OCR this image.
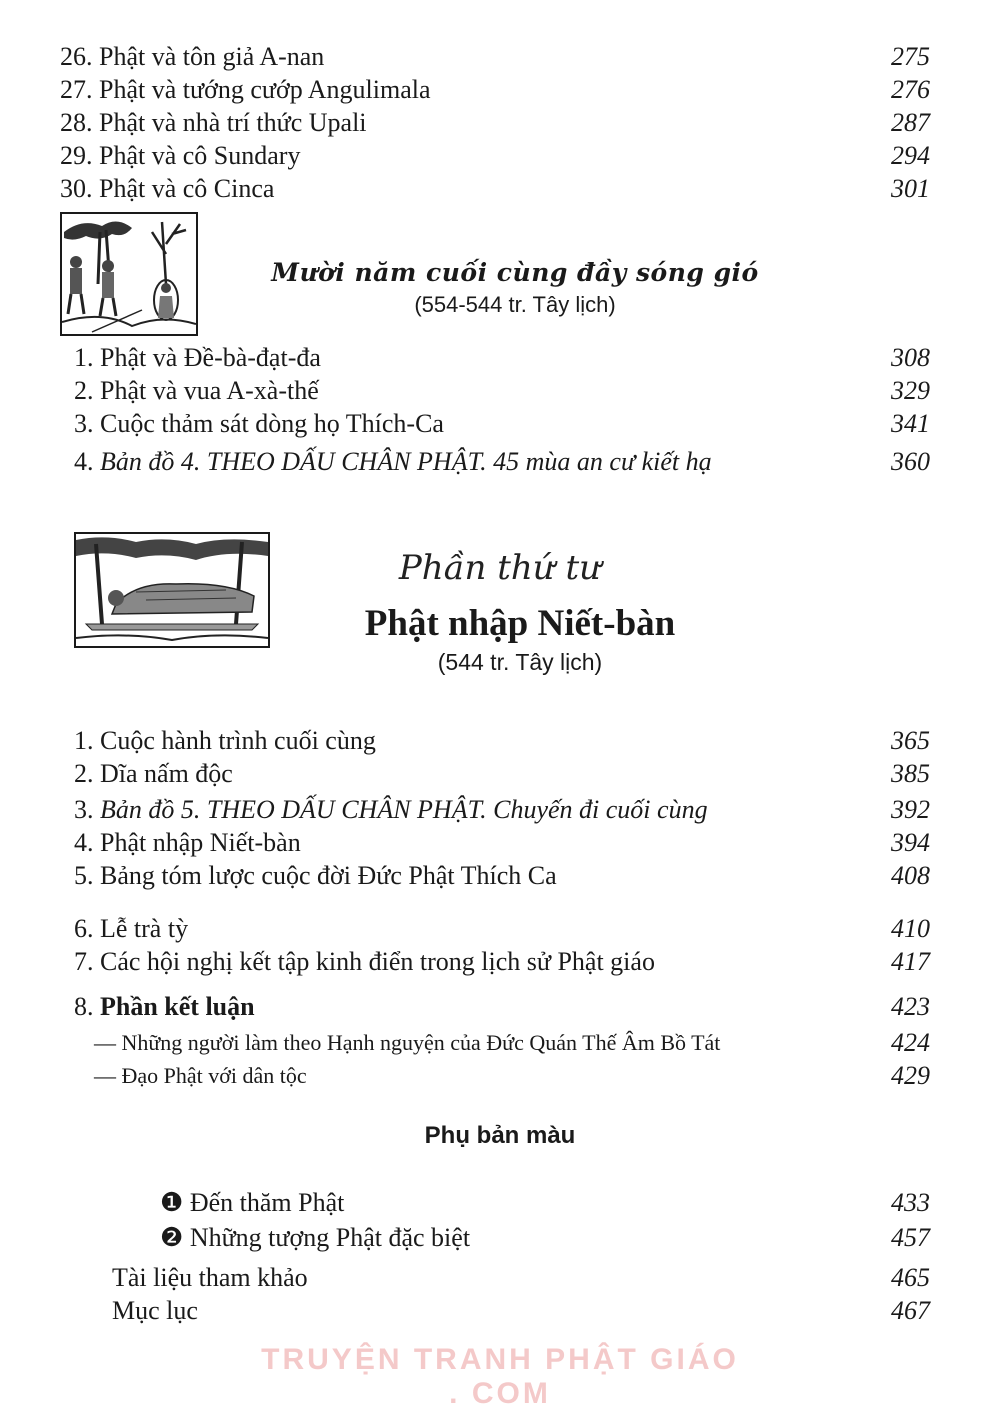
26. Phật và tôn giả A-nan	275
27. Phật và tướng cướp Angulimala	276
28. Phật và nhà trí thức Upali	287
29. Phật và cô Sundary	294
30. Phật và cô Cinca	301
Mười năm cuối cùng đầy sóng gió
(554-544 tr. Tây lịch)
1. Phật và Đề-bà-đạt-đa	308
2. Phật và vua A-xà-thế	329
3. Cuộc thảm sát dòng họ Thích-Ca	341
4. Bản đồ 4. THEO DẤU CHÂN PHẬT. 45 mùa an cư kiết hạ	360
Phần thứ tư
Phật nhập Niết-bàn
(544 tr. Tây lịch)
1. Cuộc hành trình cuối cùng	365
2. Dĩa nấm độc	385
3. Bản đồ 5. THEO DẤU CHÂN PHẬT. Chuyến đi cuối cùng	392
4. Phật nhập Niết-bàn	394
5. Bảng tóm lược cuộc đời Đức Phật Thích Ca	408
6. Lễ trà tỳ	410
7. Các hội nghị kết tập kinh điển trong lịch sử Phật giáo	417
8. Phần kết luận	423
— Những người làm theo Hạnh nguyện của Đức Quán Thế Âm Bồ Tát	424
— Đạo Phật với dân tộc	429
Phụ bản màu
❶ Đến thăm Phật	433
❷ Những tượng Phật đặc biệt	457
Tài liệu tham khảo	465
Mục lục	467
TRUYỆN TRANH PHẬT GIÁO . COM
